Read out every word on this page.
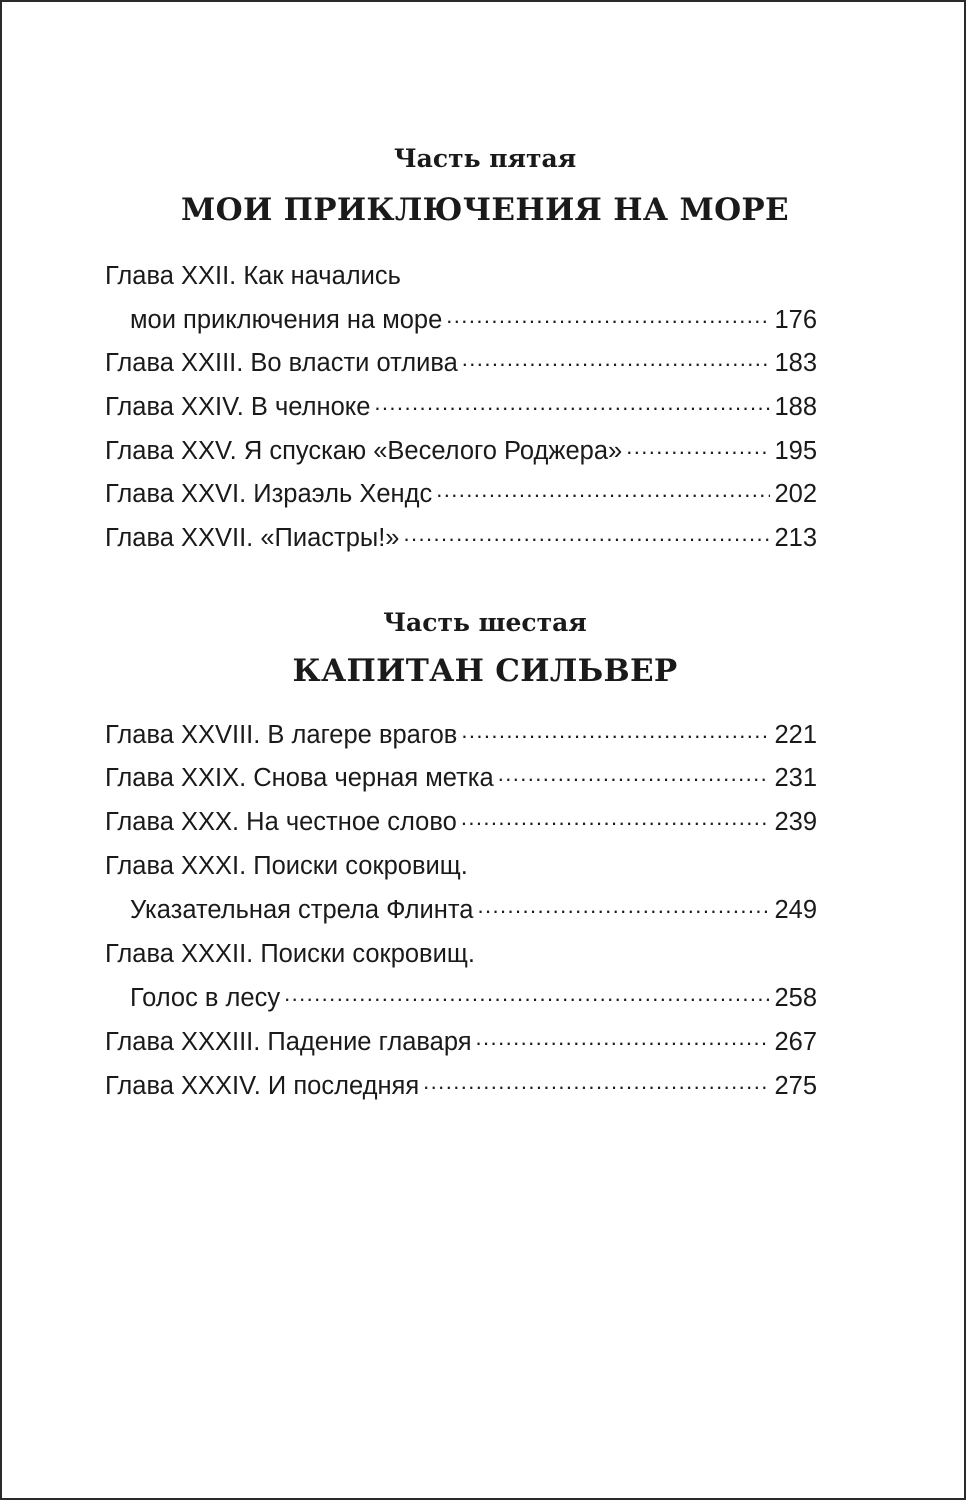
Часть пятая
МОИ ПРИКЛЮЧЕНИЯ НА МОРЕ
Глава XXII. Как начались
мои приключения на море .....	176
Глава XXIII. Во власти отлива .....	183
Глава XXIV. В челноке .....	188
Глава XXV. Я спускаю «Веселого Роджера» .....	195
Глава XXVI. Израэль Хендс .....	202
Глава XXVII. «Пиастры!» .....	213
Часть шестая
КАПИТАН СИЛЬВЕР
Глава XXVIII. В лагере врагов .....	221
Глава XXIX. Снова черная метка .....	231
Глава XXX. На честное слово .....	239
Глава XXXI. Поиски сокровищ.
Указательная стрела Флинта .....	249
Глава XXXII. Поиски сокровищ.
Голос в лесу .....	258
Глава XXXIII. Падение главаря .....	267
Глава XXXIV. И последняя .....	275
